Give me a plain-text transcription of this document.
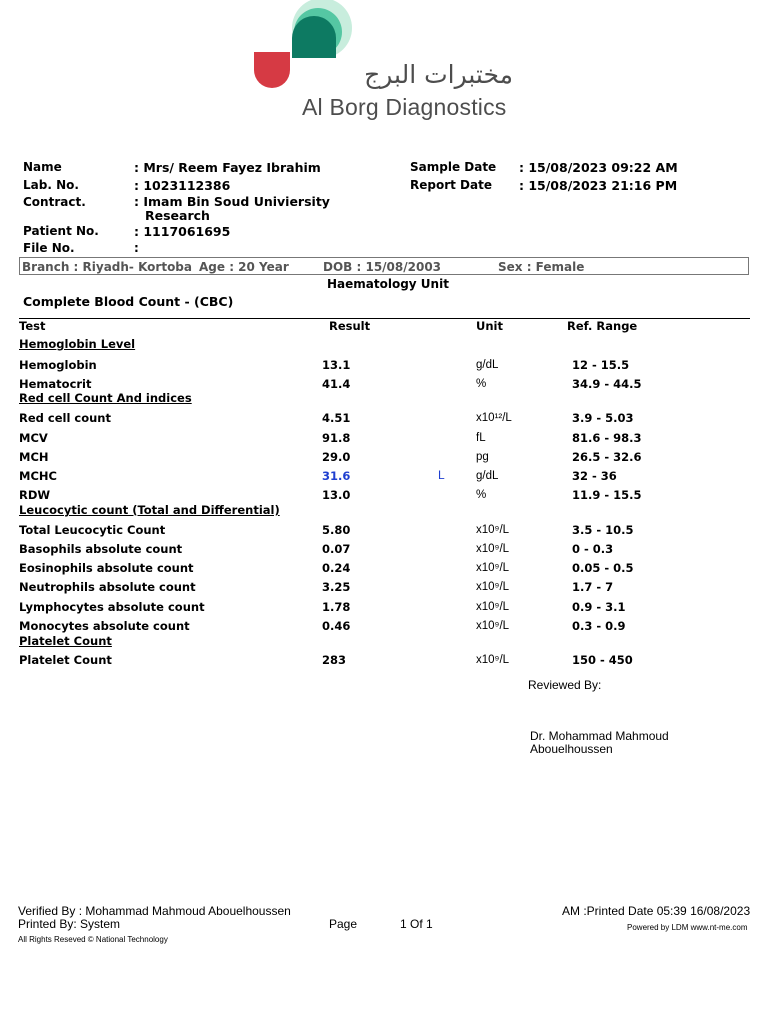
مختبرات البرج
Al Borg Diagnostics
Name	: Mrs/ Reem Fayez Ibrahim
Lab. No.	: 1023112386
Contract.	: Imam Bin Soud Univiersity
Research
Patient No.	: 1117061695
File No.	:
Sample Date : 15/08/2023 09:22 AM
Report Date : 15/08/2023 21:16 PM
Branch : Riyadh- Kortoba Age : 20 Year	DOB : 15/08/2003	Sex : Female
Haematology Unit
Complete Blood Count - (CBC)
Test	Result	Unit	Ref. Range
Hemoglobin Level
Red cell Count And indices
Leucocytic count (Total and Differential)
Platelet Count
Hemoglobin	13.1	g/dL	12 - 15.5
Hematocrit	41.4	%	34.9 - 44.5
Red cell count	4.51	x10¹²/L	3.9 - 5.03
MCV	91.8	fL	81.6 - 98.3
MCH	29.0	pg	26.5 - 32.6
MCHC	31.6	L	g/dL	32 - 36
RDW	13.0	%	11.9 - 15.5
Total Leucocytic Count	5.80	x10⁹/L	3.5 - 10.5
Basophils absolute count	0.07	x10⁹/L	0 - 0.3
Eosinophils absolute count	0.24	x10⁹/L	0.05 - 0.5
Neutrophils absolute count	3.25	x10⁹/L	1.7 - 7
Lymphocytes absolute count	1.78	x10⁹/L	0.9 - 3.1
Monocytes absolute count	0.46	x10⁹/L	0.3 - 0.9
Platelet Count	283	x10⁹/L	150 - 450
Reviewed By:
Dr. Mohammad Mahmoud
Abouelhoussen
Verified By : Mohammad Mahmoud Abouelhoussen
Printed By: System
All Rights Reseved © National Technology
Page	1 Of 1
AM :Printed Date 05:39 16/08/2023
Powered by LDM www.nt-me.com
